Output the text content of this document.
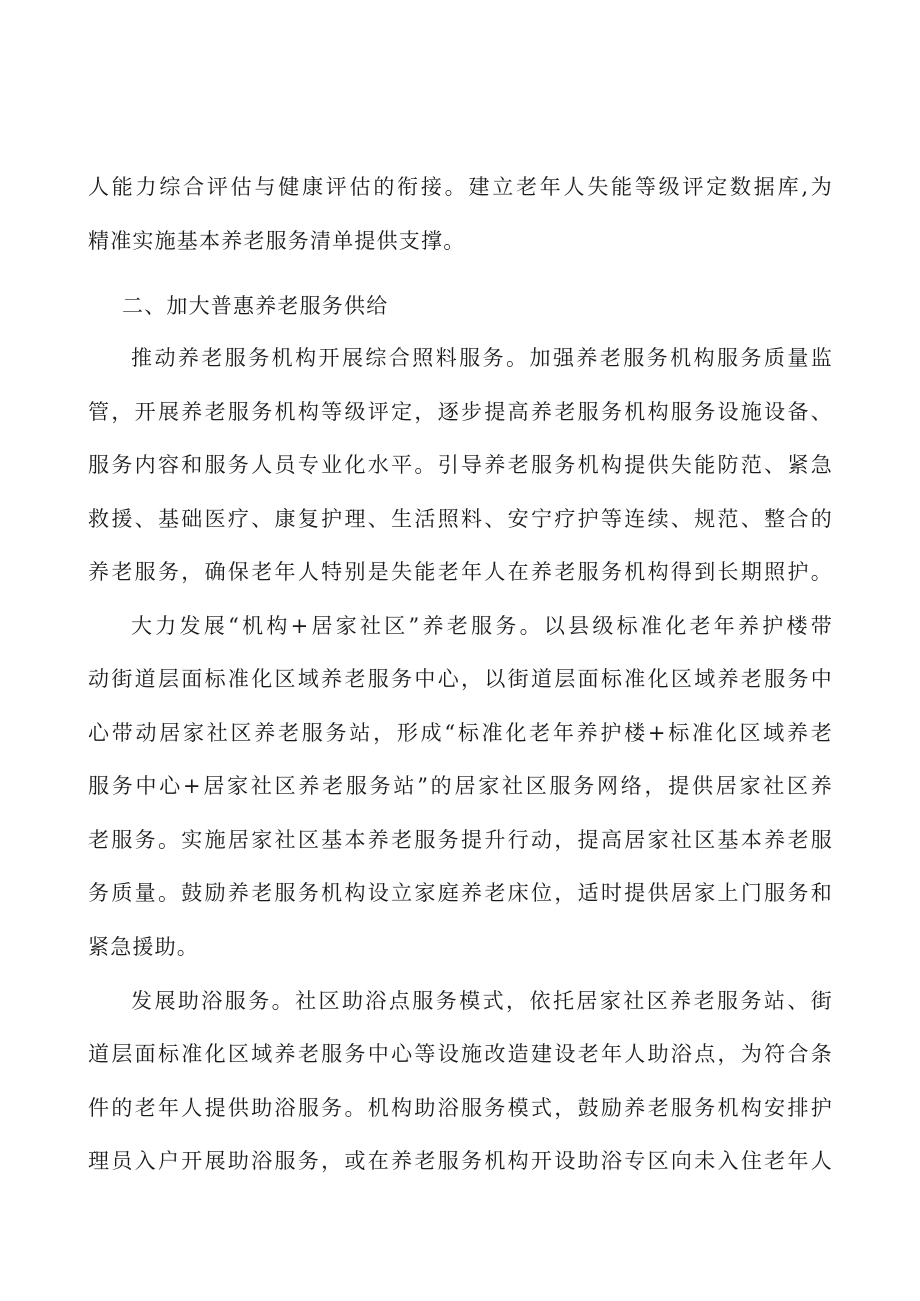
人能力综合评估与健康评估的衔接。建立老年人失能等级评定数据库,为
精准实施基本养老服务清单提供支撑。
二、加大普惠养老服务供给
推动养老服务机构开展综合照料服务。加强养老服务机构服务质量监
管，开展养老服务机构等级评定，逐步提高养老服务机构服务设施设备、
服务内容和服务人员专业化水平。引导养老服务机构提供失能防范、紧急
救援、基础医疗、康复护理、生活照料、安宁疗护等连续、规范、整合的
养老服务，确保老年人特别是失能老年人在养老服务机构得到长期照护。
大力发展“机构+居家社区”养老服务。以县级标准化老年养护楼带
动街道层面标准化区域养老服务中心，以街道层面标准化区域养老服务中
心带动居家社区养老服务站，形成“标准化老年养护楼+标准化区域养老
服务中心+居家社区养老服务站”的居家社区服务网络，提供居家社区养
老服务。实施居家社区基本养老服务提升行动，提高居家社区基本养老服
务质量。鼓励养老服务机构设立家庭养老床位，适时提供居家上门服务和
紧急援助。
发展助浴服务。社区助浴点服务模式，依托居家社区养老服务站、街
道层面标准化区域养老服务中心等设施改造建设老年人助浴点，为符合条
件的老年人提供助浴服务。机构助浴服务模式，鼓励养老服务机构安排护
理员入户开展助浴服务，或在养老服务机构开设助浴专区向未入住老年人
